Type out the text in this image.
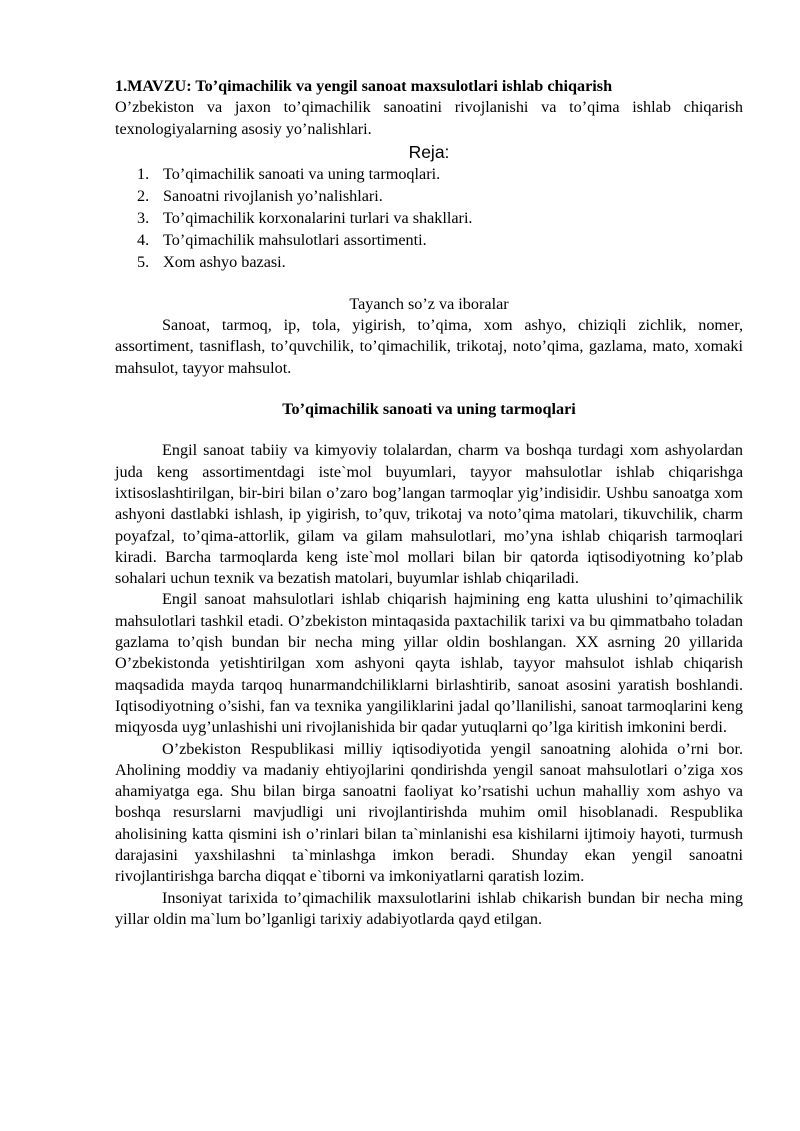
1.MAVZU: To’qimachilik va yengil sanoat maxsulotlari ishlab chiqarish

O’zbekiston va jaxon to’qimachilik sanoatini rivojlanishi va to’qima ishlab chiqarish texnologiyalarning asosiy yo’nalishlari.

Reja:

1. To’qimachilik sanoati va uning tarmoqlari.
2. Sanoatni rivojlanish yo’nalishlari.
3. To’qimachilik korxonalarini turlari va shakllari.
4. To’qimachilik mahsulotlari assortimenti.
5. Xom ashyo bazasi.

Tayanch so’z va iboralar

Sanoat, tarmoq, ip, tola, yigirish, to’qima, xom ashyo, chiziqli zichlik, nomer, assortiment, tasniflash, to’quvchilik, to’qimachilik, trikotaj, noto’qima, gazlama, mato, xomaki mahsulot, tayyor mahsulot.

To’qimachilik sanoati va uning tarmoqlari

Engil sanoat tabiiy va kimyoviy tolalardan, charm va boshqa turdagi xom ashyolardan juda keng assortimentdagi iste`mol buyumlari, tayyor mahsulotlar ishlab chiqarishga ixtisoslashtirilgan, bir-biri bilan o’zaro bog’langan tarmoqlar yig’indisidir. Ushbu sanoatga xom ashyoni dastlabki ishlash, ip yigirish, to’quv, trikotaj va noto’qima matolari, tikuvchilik, charm poyafzal, to’qima-attorlik, gilam va gilam mahsulotlari, mo’yna ishlab chiqarish tarmoqlari kiradi. Barcha tarmoqlarda keng iste`mol mollari bilan bir qatorda iqtisodiyotning ko’plab sohalari uchun texnik va bezatish matolari, buyumlar ishlab chiqariladi.

Engil sanoat mahsulotlari ishlab chiqarish hajmining eng katta ulushini to’qimachilik mahsulotlari tashkil etadi. O’zbekiston mintaqasida paxtachilik tarixi va bu qimmatbaho toladan gazlama to’qish bundan bir necha ming yillar oldin boshlangan. XX asrning 20 yillarida O’zbekistonda yetishtirilgan xom ashyoni qayta ishlab, tayyor mahsulot ishlab chiqarish maqsadida mayda tarqoq hunarmandchiliklarni birlashtirib, sanoat asosini yaratish boshlandi. Iqtisodiyotning o’sishi, fan va texnika yangiliklarini jadal qo’llanilishi, sanoat tarmoqlarini keng miqyosda uyg’unlashishi uni rivojlanishida bir qadar yutuqlarni qo’lga kiritish imkonini berdi.

O’zbekiston Respublikasi milliy iqtisodiyotida yengil sanoatning alohida o’rni bor. Aholining moddiy va madaniy ehtiyojlarini qondirishda yengil sanoat mahsulotlari o’ziga xos ahamiyatga ega. Shu bilan birga sanoatni faoliyat ko’rsatishi uchun mahalliy xom ashyo va boshqa resurslarni mavjudligi uni rivojlantirishda muhim omil hisoblanadi. Respublika aholisining katta qismini ish o’rinlari bilan ta`minlanishi esa kishilarni ijtimoiy hayoti, turmush darajasini yaxshilashni ta`minlashga imkon beradi. Shunday ekan yengil sanoatni rivojlantirishga barcha diqqat e`tiborni va imkoniyatlarni qaratish lozim.

Insoniyat tarixida to’qimachilik maxsulotlarini ishlab chikarish bundan bir necha ming yillar oldin ma`lum bo’lganligi tarixiy adabiyotlarda qayd etilgan.
